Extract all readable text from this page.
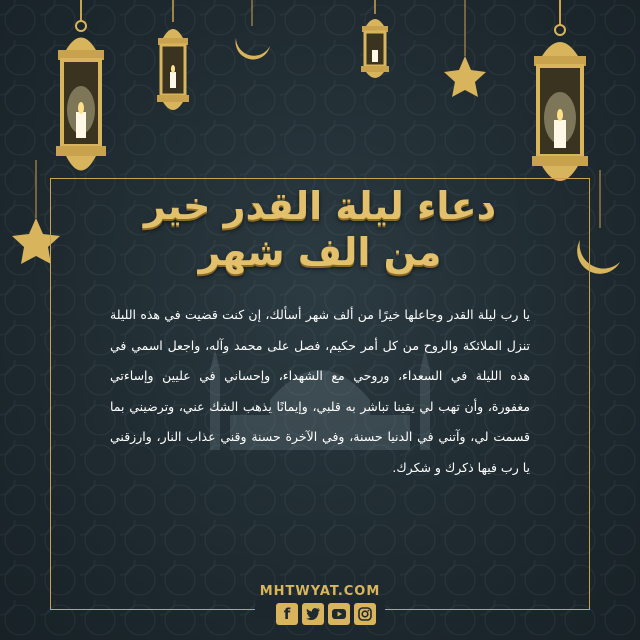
دعاء ليلة القدر خير
من الف شهر

يا رب ليلة القدر وجاعلها خيرًا من ألف شهر أسألك، إن كنت قضيت في هذه الليلة تنزل الملائكة والروح من كل أمر حكيم، فصل على محمد وآله، واجعل اسمي في هذه الليلة في السعداء، وروحي مع الشهداء، وإحساني في عليين وإساءتي مغفورة، وأن تهب لي يقينا تباشر به قلبي، وإيمانًا يذهب الشك عني، وترضيني بما قسمت لي، وآتني في الدنيا حسنة، وفي الآخرة حسنة وقني عذاب النار، وارزقني يا رب فيها ذكرك و شكرك.

MHTWYAT.COM
f
